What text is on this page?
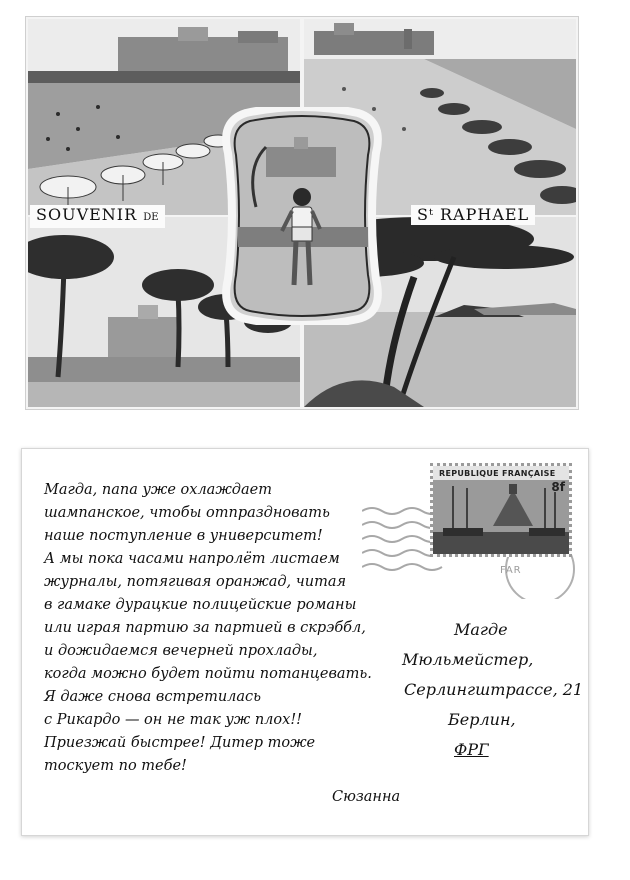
SOUVENIR DE	Sᵗ RAPHAEL
Магда, папа уже охлаждает
шампанское, чтобы отпраздновать
наше поступление в университет!
А мы пока часами напролёт листаем
журналы, потягивая оранжад, читая
в гамаке дурацкие полицейские романы
или играя партию за партией в скрэббл,
и дожидаемся вечерней прохлады,
когда можно будет пойти потанцевать.
Я даже снова встретилась
с Рикардо — он не так уж плох!!
Приезжай быстрее! Дитер тоже
тоскует по тебе!
Сюзанна
Магде
Мюльмейстер,
Серлингштрассе, 21
Берлин,
ФРГ
FAR
REPUBLIQUE FRANÇAISE
8f
